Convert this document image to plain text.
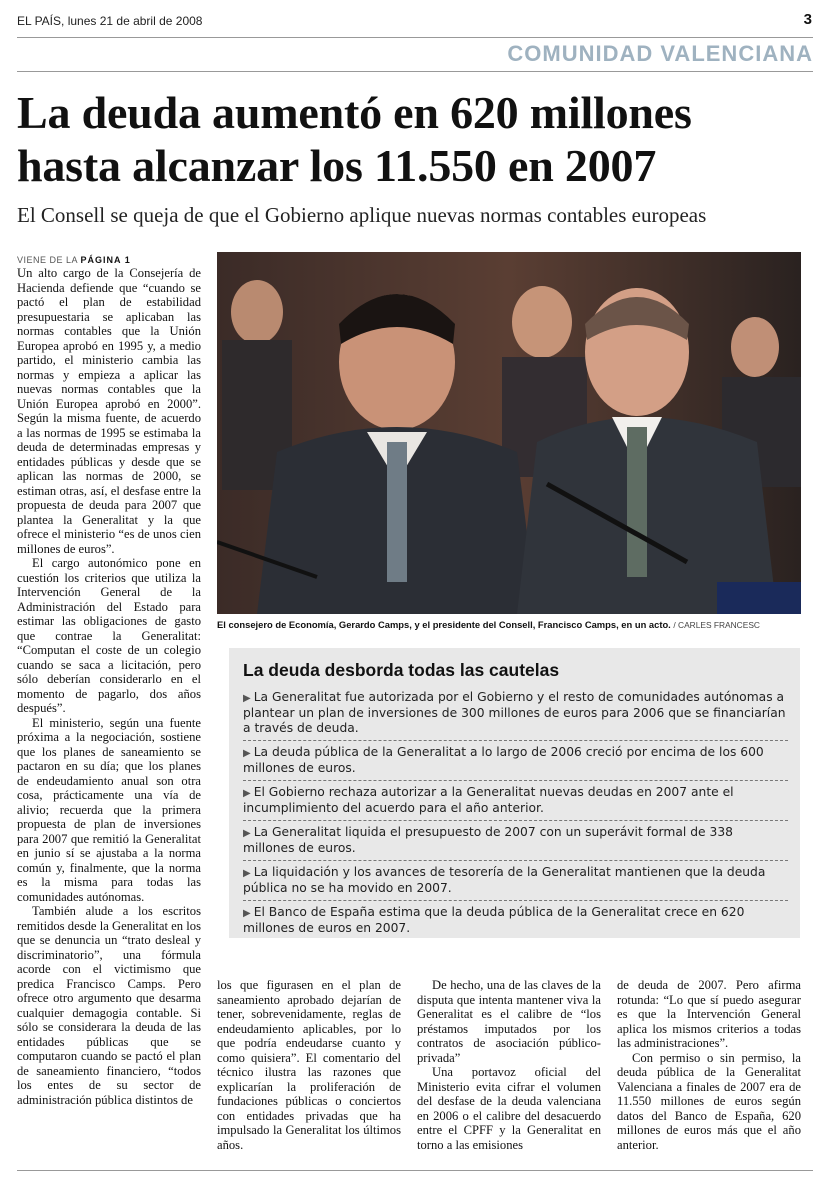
EL PAÍS, lunes 21 de abril de 2008	3
COMUNIDAD VALENCIANA
La deuda aumentó en 620 millones
hasta alcanzar los 11.550 en 2007
El Consell se queja de que el Gobierno aplique nuevas normas contables europeas

VIENE DE LA PÁGINA 1

Un alto cargo de la Consejería de Hacienda defiende que “cuando se pactó el plan de estabilidad presupuestaria se aplicaban las normas contables que la Unión Europea aprobó en 1995 y, a medio partido, el ministerio cambia las normas y empieza a aplicar las nuevas normas contables que la Unión Europea aprobó en 2000”. Según la misma fuente, de acuerdo a las normas de 1995 se estimaba la deuda de determinadas empresas y entidades públicas y desde que se aplican las normas de 2000, se estiman otras, así, el desfase entre la propuesta de deuda para 2007 que plantea la Generalitat y la que ofrece el ministerio “es de unos cien millones de euros”.

El cargo autonómico pone en cuestión los criterios que utiliza la Intervención General de la Administración del Estado para estimar las obligaciones de gasto que contrae la Generalitat: “Computan el coste de un colegio cuando se saca a licitación, pero sólo deberían considerarlo en el momento de pagarlo, dos años después”.

El ministerio, según una fuente próxima a la negociación, sostiene que los planes de saneamiento se pactaron en su día; que los planes de endeudamiento anual son otra cosa, prácticamente una vía de alivio; recuerda que la primera propuesta de plan de inversiones para 2007 que remitió la Generalitat en junio sí se ajustaba a la norma común y, finalmente, que la norma es la misma para todas las comunidades autónomas.

También alude a los escritos remitidos desde la Generalitat en los que se denuncia un “trato desleal y discriminatorio”, una fórmula acorde con el victimismo que predica Francisco Camps. Pero ofrece otro argumento que desarma cualquier demagogia contable. Si sólo se considerara la deuda de las entidades públicas que se computaron cuando se pactó el plan de saneamiento financiero, “todos los entes de su sector de administración pública distintos de

El consejero de Economía, Gerardo Camps, y el presidente del Consell, Francisco Camps, en un acto. / CARLES FRANCESC
La deuda desborda todas las cautelas
▶ La Generalitat fue autorizada por el Gobierno y el resto de comunidades autónomas a plantear un plan de inversiones de 300 millones de euros para 2006 que se financiarían a través de deuda.
▶ La deuda pública de la Generalitat a lo largo de 2006 creció por encima de los 600 millones de euros.
▶ El Gobierno rechaza autorizar a la Generalitat nuevas deudas en 2007 ante el incumplimiento del acuerdo para el año anterior.
▶ La Generalitat liquida el presupuesto de 2007 con un superávit formal de 338 millones de euros.
▶ La liquidación y los avances de tesorería de la Generalitat mantienen que la deuda pública no se ha movido en 2007.
▶ El Banco de España estima que la deuda pública de la Generalitat crece en 620 millones de euros en 2007.

los que figurasen en el plan de saneamiento aprobado dejarían de tener, sobrevenidamente, reglas de endeudamiento aplicables, por lo que podría endeudarse cuanto y como quisiera”. El comentario del técnico ilustra las razones que explicarían la proliferación de fundaciones públicas o conciertos con entidades privadas que ha impulsado la Generalitat los últimos años.

De hecho, una de las claves de la disputa que intenta mantener viva la Generalitat es el calibre de “los préstamos imputados por los contratos de asociación público-privada”

Una portavoz oficial del Ministerio evita cifrar el volumen del desfase de la deuda valenciana en 2006 o el calibre del desacuerdo entre el CPFF y la Generalitat en torno a las emisiones

de deuda de 2007. Pero afirma rotunda: “Lo que sí puedo asegurar es que la Intervención General aplica los mismos criterios a todas las administraciones”.

Con permiso o sin permiso, la deuda pública de la Generalitat Valenciana a finales de 2007 era de 11.550 millones de euros según datos del Banco de España, 620 millones de euros más que el año anterior.
